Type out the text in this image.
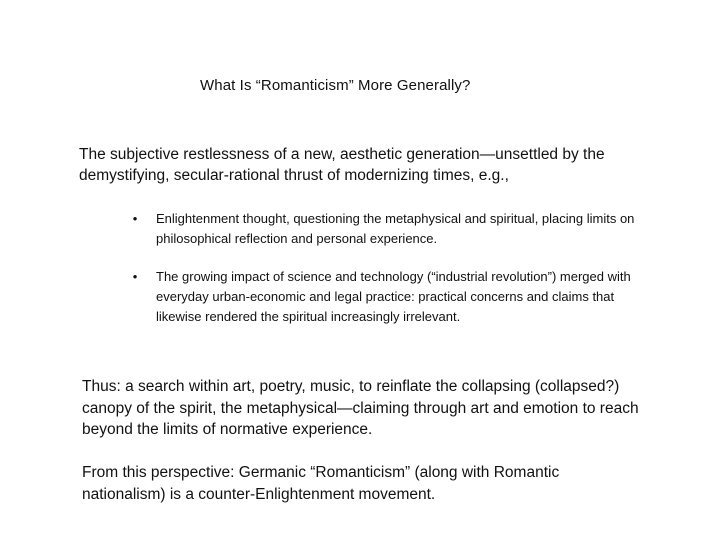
What Is “Romanticism” More Generally?
The subjective restlessness of a new, aesthetic generation—unsettled by the demystifying, secular-rational thrust of modernizing times, e.g.,
•	Enlightenment thought, questioning the metaphysical and spiritual, placing limits on philosophical reflection and personal experience.
•	The growing impact of science and technology (“industrial revolution”) merged with everyday urban-economic and legal practice: practical concerns and claims that likewise rendered the spiritual increasingly irrelevant.
Thus: a search within art, poetry, music, to reinflate the collapsing (collapsed?) canopy of the spirit, the metaphysical—claiming through art and emotion to reach beyond the limits of normative experience.
From this perspective: Germanic “Romanticism” (along with Romantic nationalism) is a counter-Enlightenment movement.
